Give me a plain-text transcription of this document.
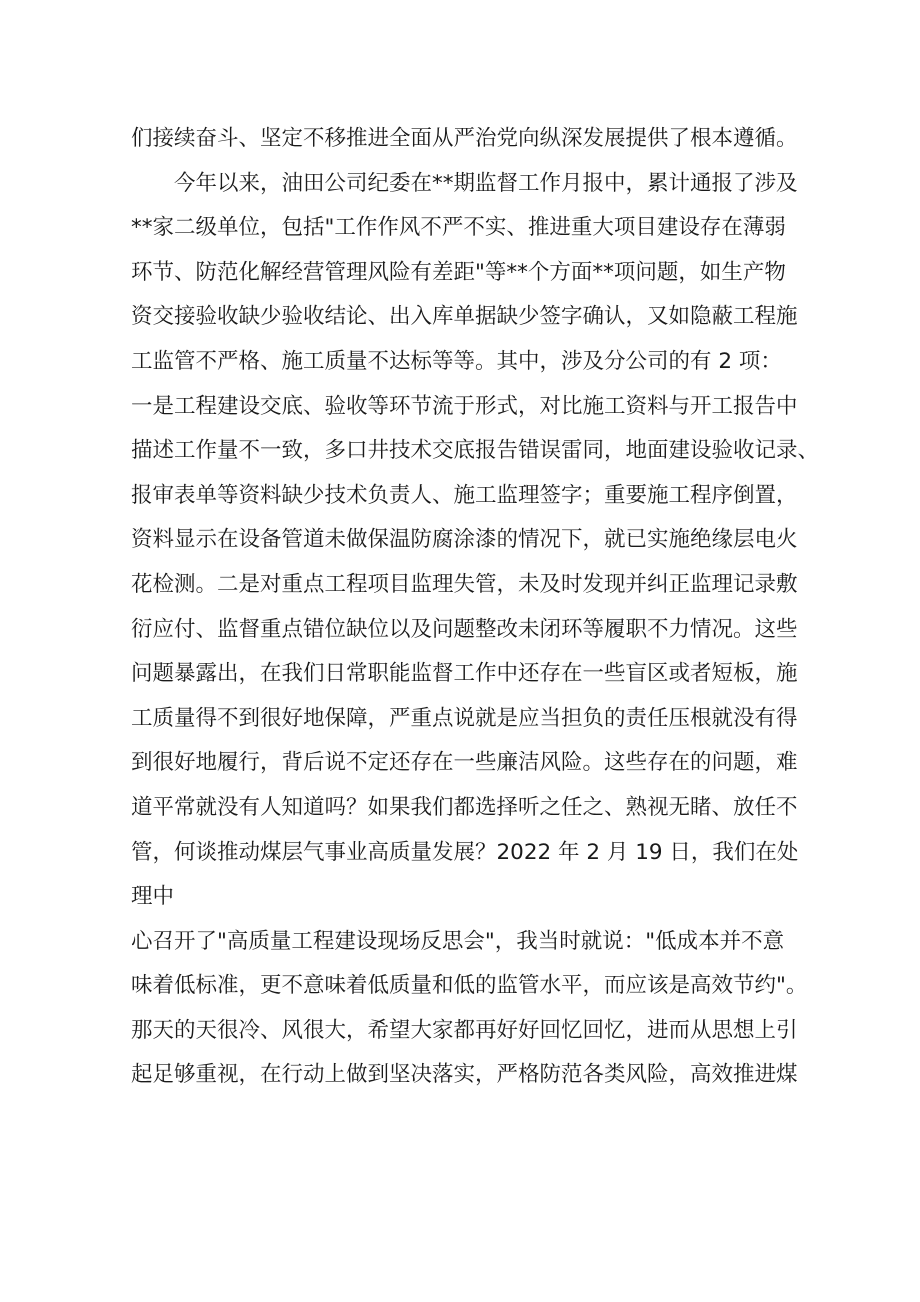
们接续奋斗、坚定不移推进全面从严治党向纵深发展提供了根本遵循。
今年以来，油田公司纪委在**期监督工作月报中，累计通报了涉及
**家二级单位，包括"工作作风不严不实、推进重大项目建设存在薄弱
环节、防范化解经营管理风险有差距"等**个方面**项问题，如生产物
资交接验收缺少验收结论、出入库单据缺少签字确认，又如隐蔽工程施
工监管不严格、施工质量不达标等等。其中，涉及分公司的有 2 项：
一是工程建设交底、验收等环节流于形式，对比施工资料与开工报告中
描述工作量不一致，多口井技术交底报告错误雷同，地面建设验收记录、
报审表单等资料缺少技术负责人、施工监理签字；重要施工程序倒置，
资料显示在设备管道未做保温防腐涂漆的情况下，就已实施绝缘层电火
花检测。二是对重点工程项目监理失管，未及时发现并纠正监理记录敷
衍应付、监督重点错位缺位以及问题整改未闭环等履职不力情况。这些
问题暴露出，在我们日常职能监督工作中还存在一些盲区或者短板，施
工质量得不到很好地保障，严重点说就是应当担负的责任压根就没有得
到很好地履行，背后说不定还存在一些廉洁风险。这些存在的问题，难
道平常就没有人知道吗？如果我们都选择听之任之、熟视无睹、放任不
管，何谈推动煤层气事业高质量发展？2022 年 2 月 19 日，我们在处
理中
心召开了"高质量工程建设现场反思会"，我当时就说："低成本并不意
味着低标准，更不意味着低质量和低的监管水平，而应该是高效节约"。
那天的天很冷、风很大，希望大家都再好好回忆回忆，进而从思想上引
起足够重视，在行动上做到坚决落实，严格防范各类风险，高效推进煤
